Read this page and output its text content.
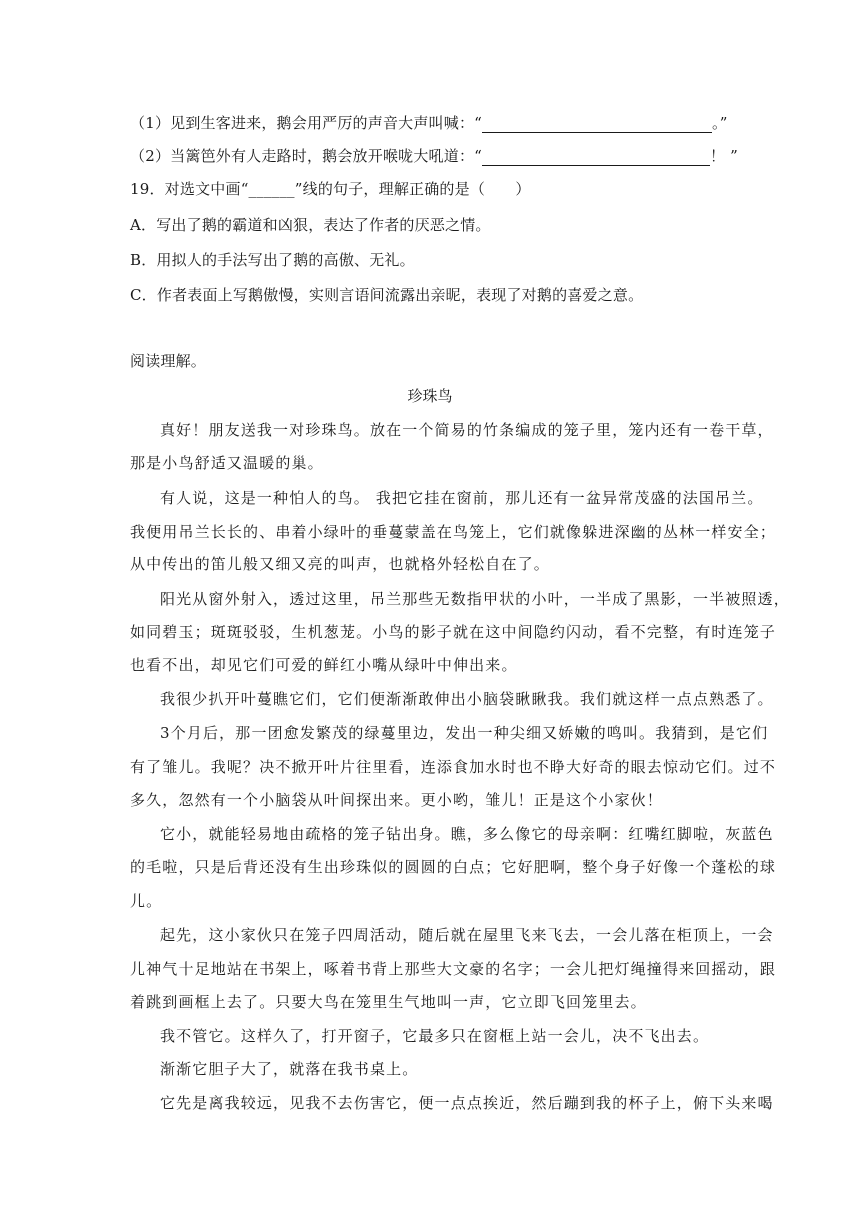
（1）见到生客进来，鹅会用严厉的声音大声叫喊：“	。”
（2）当篱笆外有人走路时，鹅会放开喉咙大吼道：“	！ ”
19．对选文中画“______”线的句子，理解正确的是（　　）
A．写出了鹅的霸道和凶狠，表达了作者的厌恶之情。
B．用拟人的手法写出了鹅的高傲、无礼。
C．作者表面上写鹅傲慢，实则言语间流露出亲昵，表现了对鹅的喜爱之意。
阅读理解。
珍珠鸟
真好！朋友送我一对珍珠鸟。放在一个简易的竹条编成的笼子里，笼内还有一卷干草，
那是小鸟舒适又温暖的巢。
有人说，这是一种怕人的鸟。 我把它挂在窗前，那儿还有一盆异常茂盛的法国吊兰。
我便用吊兰长长的、串着小绿叶的垂蔓蒙盖在鸟笼上，它们就像躲进深幽的丛林一样安全；
从中传出的笛儿般又细又亮的叫声，也就格外轻松自在了。
阳光从窗外射入，透过这里，吊兰那些无数指甲状的小叶，一半成了黑影，一半被照透，
如同碧玉；斑斑驳驳，生机葱茏。小鸟的影子就在这中间隐约闪动，看不完整，有时连笼子
也看不出，却见它们可爱的鲜红小嘴从绿叶中伸出来。
我很少扒开叶蔓瞧它们，它们便渐渐敢伸出小脑袋瞅瞅我。我们就这样一点点熟悉了。
3个月后，那一团愈发繁茂的绿蔓里边，发出一种尖细又娇嫩的鸣叫。我猜到，是它们
有了雏儿。我呢？决不掀开叶片往里看，连添食加水时也不睁大好奇的眼去惊动它们。过不
多久，忽然有一个小脑袋从叶间探出来。更小哟，雏儿！正是这个小家伙！
它小，就能轻易地由疏格的笼子钻出身。瞧，多么像它的母亲啊：红嘴红脚啦，灰蓝色
的毛啦，只是后背还没有生出珍珠似的圆圆的白点；它好肥啊，整个身子好像一个蓬松的球
儿。
起先，这小家伙只在笼子四周活动，随后就在屋里飞来飞去，一会儿落在柜顶上，一会
儿神气十足地站在书架上，啄着书背上那些大文豪的名字；一会儿把灯绳撞得来回摇动，跟
着跳到画框上去了。只要大鸟在笼里生气地叫一声，它立即飞回笼里去。
我不管它。这样久了，打开窗子，它最多只在窗框上站一会儿，决不飞出去。
渐渐它胆子大了，就落在我书桌上。
它先是离我较远，见我不去伤害它，便一点点挨近，然后蹦到我的杯子上，俯下头来喝
